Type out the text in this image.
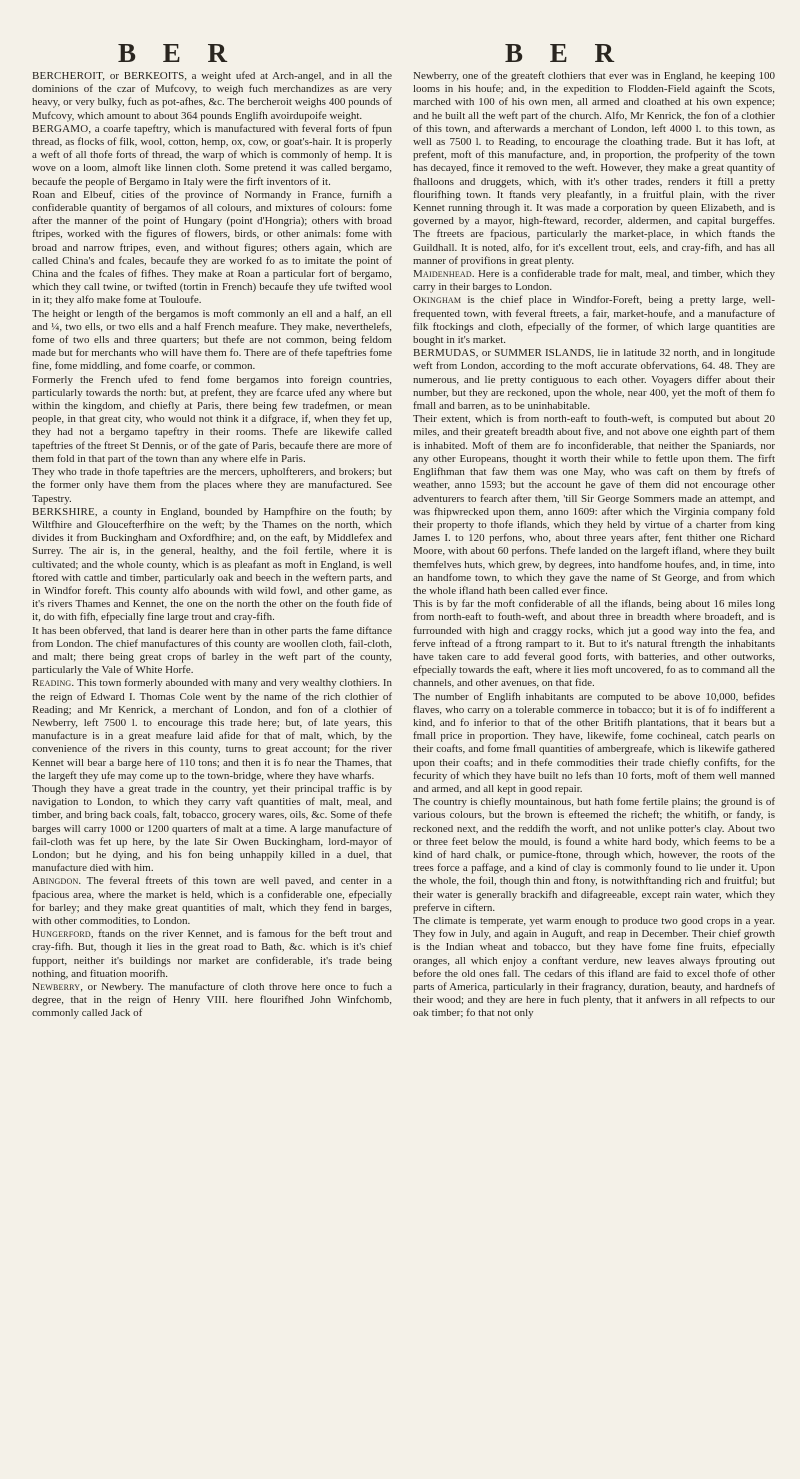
B E R	B E R

BERCHEROIT, or BERKEOITS, a weight ufed at Arch-angel, and in all the dominions of the czar of Mufcovy, to weigh fuch merchandizes as are very heavy, or very bulky, fuch as pot-afhes, &c. The bercheroit weighs 400 pounds of Mufcovy, which amount to about 364 pounds Englifh avoirdupoife weight.

BERGAMO, a coarfe tapeftry, which is manufactured with feveral forts of fpun thread, as flocks of filk, wool, cotton, hemp, ox, cow, or goat's-hair. It is properly a weft of all thofe forts of thread, the warp of which is commonly of hemp. It is wove on a loom, almoft like linnen cloth. Some pretend it was called bergamo, becaufe the people of Bergamo in Italy were the firft inventors of it.

Roan and Elbeuf, cities of the province of Normandy in France, furnifh a confiderable quantity of bergamos of all colours, and mixtures of colours: fome after the manner of the point of Hungary (point d'Hongria); others with broad ftripes, worked with the figures of flowers, birds, or other animals: fome with broad and narrow ftripes, even, and without figures; others again, which are called China's and fcales, becaufe they are worked fo as to imitate the point of China and the fcales of fifhes. They make at Roan a particular fort of bergamo, which they call twine, or twifted (tortin in French) becaufe they ufe twifted wool in it; they alfo make fome at Touloufe.

The height or length of the bergamos is moft commonly an ell and a half, an ell and ¼, two ells, or two ells and a half French meafure. They make, neverthelefs, fome of two ells and three quarters; but thefe are not common, being feldom made but for merchants who will have them fo. There are of thefe tapeftries fome fine, fome middling, and fome coarfe, or common.

Formerly the French ufed to fend fome bergamos into foreign countries, particularly towards the north: but, at prefent, they are fcarce ufed any where but within the kingdom, and chiefly at Paris, there being few tradefmen, or mean people, in that great city, who would not think it a difgrace, if, when they fet up, they had not a bergamo tapeftry in their rooms. Thefe are likewife called tapeftries of the ftreet St Dennis, or of the gate of Paris, becaufe there are more of them fold in that part of the town than any where elfe in Paris.

They who trade in thofe tapeftries are the mercers, upholfterers, and brokers; but the former only have them from the places where they are manufactured. See Tapestry.

BERKSHIRE, a county in England, bounded by Hampfhire on the fouth; by Wiltfhire and Gloucefterfhire on the weft; by the Thames on the north, which divides it from Buckingham and Oxfordfhire; and, on the eaft, by Middlefex and Surrey. The air is, in the general, healthy, and the foil fertile, where it is cultivated; and the whole county, which is as pleafant as moft in England, is well ftored with cattle and timber, particularly oak and beech in the weftern parts, and in Windfor foreft. This county alfo abounds with wild fowl, and other game, as it's rivers Thames and Kennet, the one on the north the other on the fouth fide of it, do with fifh, efpecially fine large trout and cray-fifh.

It has been obferved, that land is dearer here than in other parts the fame diftance from London. The chief manufactures of this county are woollen cloth, fail-cloth, and malt; there being great crops of barley in the weft part of the county, particularly the Vale of White Horfe.

Reading. This town formerly abounded with many and very wealthy clothiers. In the reign of Edward I. Thomas Cole went by the name of the rich clothier of Reading; and Mr Kenrick, a merchant of London, and fon of a clothier of Newberry, left 7500 l. to encourage this trade here; but, of late years, this manufacture is in a great meafure laid afide for that of malt, which, by the convenience of the rivers in this county, turns to great account; for the river Kennet will bear a barge here of 110 tons; and then it is fo near the Thames, that the largeft they ufe may come up to the town-bridge, where they have wharfs.

Though they have a great trade in the country, yet their principal traffic is by navigation to London, to which they carry vaft quantities of malt, meal, and timber, and bring back coals, falt, tobacco, grocery wares, oils, &c. Some of thefe barges will carry 1000 or 1200 quarters of malt at a time. A large manufacture of fail-cloth was fet up here, by the late Sir Owen Buckingham, lord-mayor of London; but he dying, and his fon being unhappily killed in a duel, that manufacture died with him.

Abingdon. The feveral ftreets of this town are well paved, and center in a fpacious area, where the market is held, which is a confiderable one, efpecially for barley; and they make great quantities of malt, which they fend in barges, with other commodities, to London.

Hungerford, ftands on the river Kennet, and is famous for the beft trout and cray-fifh. But, though it lies in the great road to Bath, &c. which is it's chief fupport, neither it's buildings nor market are confiderable, it's trade being nothing, and fituation moorifh.

Newberry, or Newbery. The manufacture of cloth throve here once to fuch a degree, that in the reign of Henry VIII. here flourifhed John Winfchomb, commonly called Jack of

Newberry, one of the greateft clothiers that ever was in England, he keeping 100 looms in his houfe; and, in the expedition to Flodden-Field againft the Scots, marched with 100 of his own men, all armed and cloathed at his own expence; and he built all the weft part of the church. Alfo, Mr Kenrick, the fon of a clothier of this town, and afterwards a merchant of London, left 4000 l. to this town, as well as 7500 l. to Reading, to encourage the cloathing trade. But it has loft, at prefent, moft of this manufacture, and, in proportion, the profperity of the town has decayed, fince it removed to the weft. However, they make a great quantity of fhalloons and druggets, which, with it's other trades, renders it ftill a pretty flourifhing town. It ftands very pleafantly, in a fruitful plain, with the river Kennet running through it. It was made a corporation by queen Elizabeth, and is governed by a mayor, high-fteward, recorder, aldermen, and capital burgeffes. The ftreets are fpacious, particularly the market-place, in which ftands the Guildhall. It is noted, alfo, for it's excellent trout, eels, and cray-fifh, and has all manner of provifions in great plenty.

Maidenhead. Here is a confiderable trade for malt, meal, and timber, which they carry in their barges to London.

Okingham is the chief place in Windfor-Foreft, being a pretty large, well-frequented town, with feveral ftreets, a fair, market-houfe, and a manufacture of filk ftockings and cloth, efpecially of the former, of which large quantities are bought in it's market.

BERMUDAS, or SUMMER ISLANDS, lie in latitude 32 north, and in longitude weft from London, according to the moft accurate obfervations, 64. 48. They are numerous, and lie pretty contiguous to each other. Voyagers differ about their number, but they are reckoned, upon the whole, near 400, yet the moft of them fo fmall and barren, as to be uninhabitable.

Their extent, which is from north-eaft to fouth-weft, is computed but about 20 miles, and their greateft breadth about five, and not above one eighth part of them is inhabited. Moft of them are fo inconfiderable, that neither the Spaniards, nor any other Europeans, thought it worth their while to fettle upon them. The firft Englifhman that faw them was one May, who was caft on them by ftrefs of weather, anno 1593; but the account he gave of them did not encourage other adventurers to fearch after them, 'till Sir George Sommers made an attempt, and was fhipwrecked upon them, anno 1609: after which the Virginia company fold their property to thofe iflands, which they held by virtue of a charter from king James I. to 120 perfons, who, about three years after, fent thither one Richard Moore, with about 60 perfons. Thefe landed on the largeft ifland, where they built themfelves huts, which grew, by degrees, into handfome houfes, and, in time, into an handfome town, to which they gave the name of St George, and from which the whole ifland hath been called ever fince.

This is by far the moft confiderable of all the iflands, being about 16 miles long from north-eaft to fouth-weft, and about three in breadth where broadeft, and is furrounded with high and craggy rocks, which jut a good way into the fea, and ferve inftead of a ftrong rampart to it. But to it's natural ftrength the inhabitants have taken care to add feveral good forts, with batteries, and other outworks, efpecially towards the eaft, where it lies moft uncovered, fo as to command all the channels, and other avenues, on that fide.

The number of Englifh inhabitants are computed to be above 10,000, befides flaves, who carry on a tolerable commerce in tobacco; but it is of fo indifferent a kind, and fo inferior to that of the other Britifh plantations, that it bears but a fmall price in proportion. They have, likewife, fome cochineal, catch pearls on their coafts, and fome fmall quantities of ambergreafe, which is likewife gathered upon their coafts; and in thefe commodities their trade chiefly confifts, for the fecurity of which they have built no lefs than 10 forts, moft of them well manned and armed, and all kept in good repair.

The country is chiefly mountainous, but hath fome fertile plains; the ground is of various colours, but the brown is efteemed the richeft; the whitifh, or fandy, is reckoned next, and the reddifh the worft, and not unlike potter's clay. About two or three feet below the mould, is found a white hard body, which feems to be a kind of hard chalk, or pumice-ftone, through which, however, the roots of the trees force a paffage, and a kind of clay is commonly found to lie under it. Upon the whole, the foil, though thin and ftony, is notwithftanding rich and fruitful; but their water is generally brackifh and difagreeable, except rain water, which they preferve in ciftern.

The climate is temperate, yet warm enough to produce two good crops in a year. They fow in July, and again in Auguft, and reap in December. Their chief growth is the Indian wheat and tobacco, but they have fome fine fruits, efpecially oranges, all which enjoy a conftant verdure, new leaves always fprouting out before the old ones fall. The cedars of this ifland are faid to excel thofe of other parts of America, particularly in their fragrancy, duration, beauty, and hardnefs of their wood; and they are here in fuch plenty, that it anfwers in all refpects to our oak timber; fo that not only
